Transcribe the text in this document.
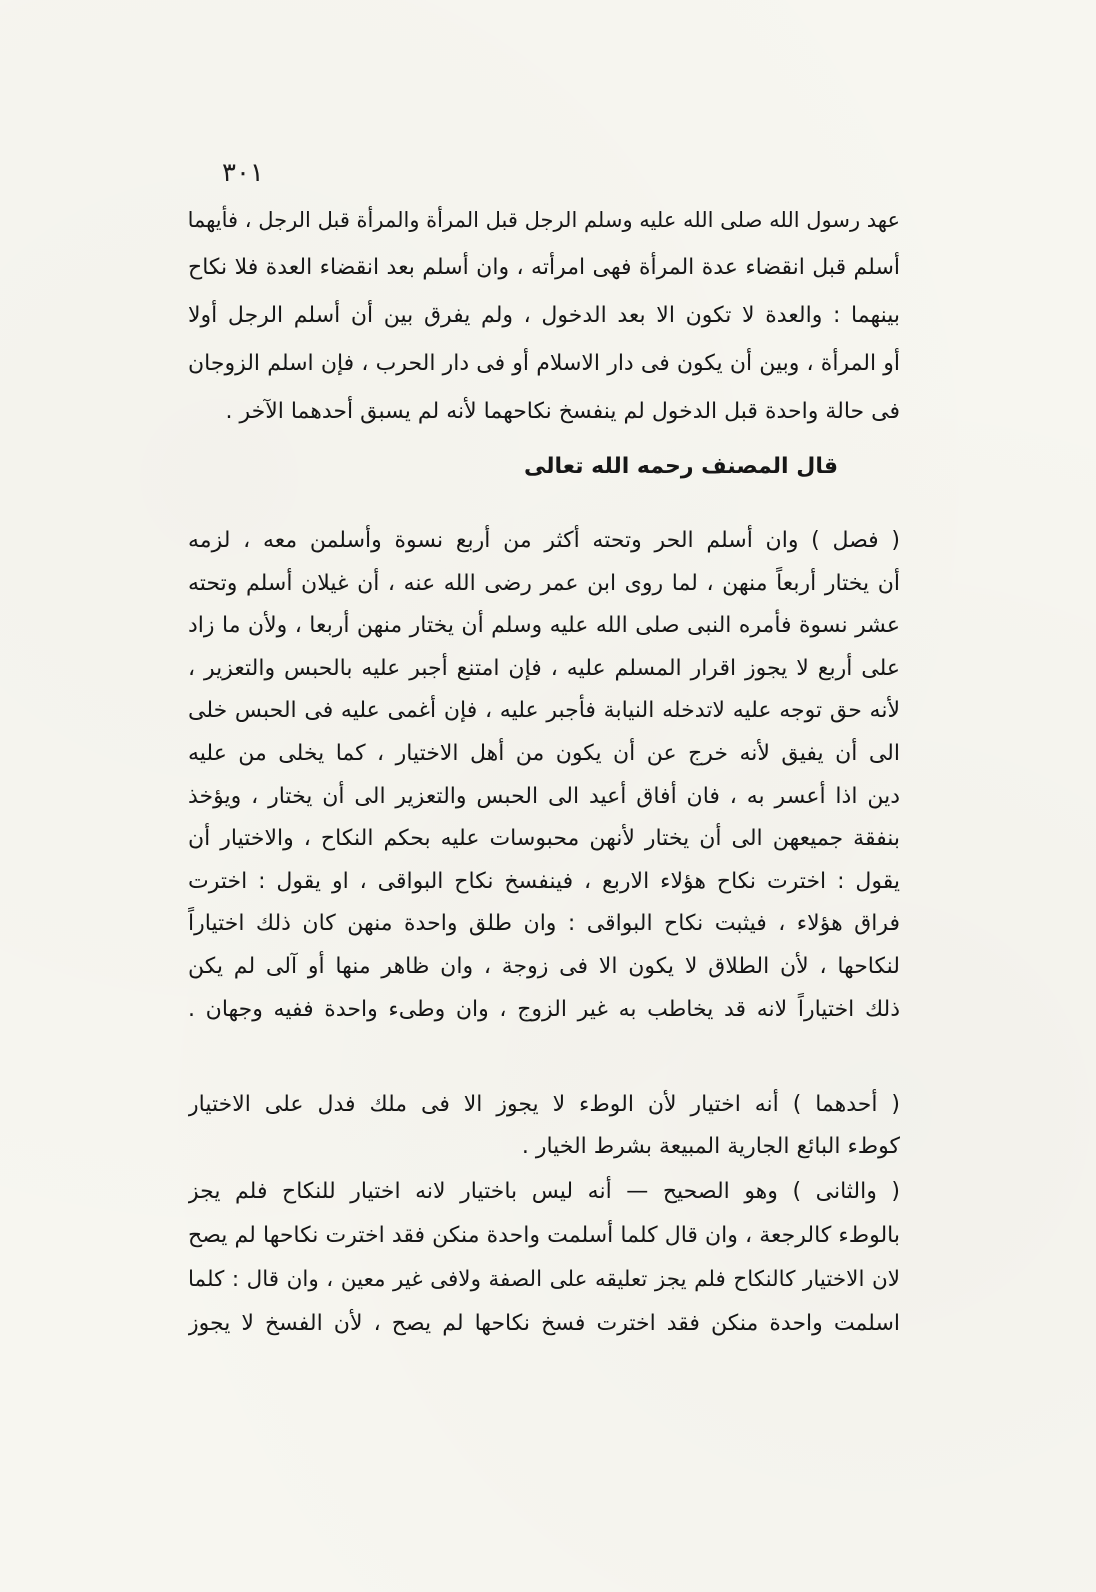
٣٠١
عهد رسول الله صلى الله عليه وسلم الرجل قبل المرأة والمرأة قبل الرجل ، فأيهما
أسلم قبل انقضاء عدة المرأة فهى امرأته ، وان أسلم بعد انقضاء العدة فلا نكاح
بينهما : والعدة لا تكون الا بعد الدخول ، ولم يفرق بين أن أسلم الرجل أولا
أو المرأة ، وبين أن يكون فى دار الاسلام أو فى دار الحرب ، فإن اسلم الزوجان
فى حالة واحدة قبل الدخول لم ينفسخ نكاحهما لأنه لم يسبق أحدهما الآخر .
قال المصنف رحمه الله تعالى
( فصل ) وان أسلم الحر وتحته أكثر من أربع نسوة وأسلمن معه ، لزمه
أن يختار أربعاً منهن ، لما روى ابن عمر رضى الله عنه ، أن غيلان أسلم وتحته
عشر نسوة فأمره النبى صلى الله عليه وسلم أن يختار منهن أربعا ، ولأن ما زاد
على أربع لا يجوز اقرار المسلم عليه ، فإن امتنع أجبر عليه بالحبس والتعزير ،
لأنه حق توجه عليه لاتدخله النيابة فأجبر عليه ، فإن أغمى عليه فى الحبس خلى
الى أن يفيق لأنه خرج عن أن يكون من أهل الاختيار ، كما يخلى من عليه
دين اذا أعسر به ، فان أفاق أعيد الى الحبس والتعزير الى أن يختار ، ويؤخذ
بنفقة جميعهن الى أن يختار لأنهن محبوسات عليه بحكم النكاح ، والاختيار أن
يقول : اخترت نكاح هؤلاء الاربع ، فينفسخ نكاح البواقى ، او يقول : اخترت
فراق هؤلاء ، فيثبت نكاح البواقى : وان طلق واحدة منهن كان ذلك اختياراً
لنكاحها ، لأن الطلاق لا يكون الا فى زوجة ، وان ظاهر منها أو آلى لم يكن
ذلك اختياراً لانه قد يخاطب به غير الزوج ، وان وطىء واحدة ففيه وجهان .
( أحدهما ) أنه اختيار لأن الوطء لا يجوز الا فى ملك فدل على الاختيار
كوطء البائع الجارية المبيعة بشرط الخيار .
( والثانى ) وهو الصحيح — أنه ليس باختيار لانه اختيار للنكاح فلم يجز
بالوطء كالرجعة ، وان قال كلما أسلمت واحدة منكن فقد اخترت نكاحها لم يصح
لان الاختيار كالنكاح فلم يجز تعليقه على الصفة ولافى غير معين ، وان قال : كلما
اسلمت واحدة منكن فقد اخترت فسخ نكاحها لم يصح ، لأن الفسخ لا يجوز
